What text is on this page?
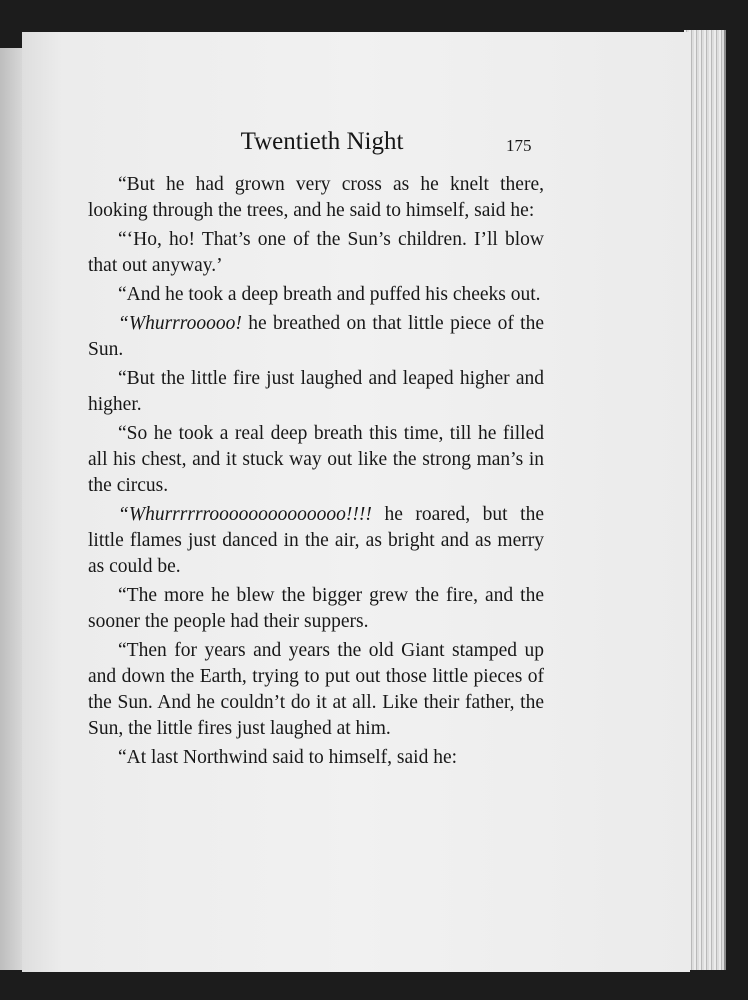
Twentieth Night	175

“But he had grown very cross as he knelt there, looking through the trees, and he said to himself, said he:

“‘Ho, ho! That’s one of the Sun’s children. I’ll blow that out anyway.’

“And he took a deep breath and puffed his cheeks out.

“Whurrrooooo! he breathed on that little piece of the Sun.

“But the little fire just laughed and leaped higher and higher.

“So he took a real deep breath this time, till he filled all his chest, and it stuck way out like the strong man’s in the circus.

“Whurrrrrroooooooooooooo!!!! he roared, but the little flames just danced in the air, as bright and as merry as could be.

“The more he blew the bigger grew the fire, and the sooner the people had their suppers.

“Then for years and years the old Giant stamped up and down the Earth, trying to put out those little pieces of the Sun. And he couldn’t do it at all. Like their father, the Sun, the little fires just laughed at him.

“At last Northwind said to himself, said he:
